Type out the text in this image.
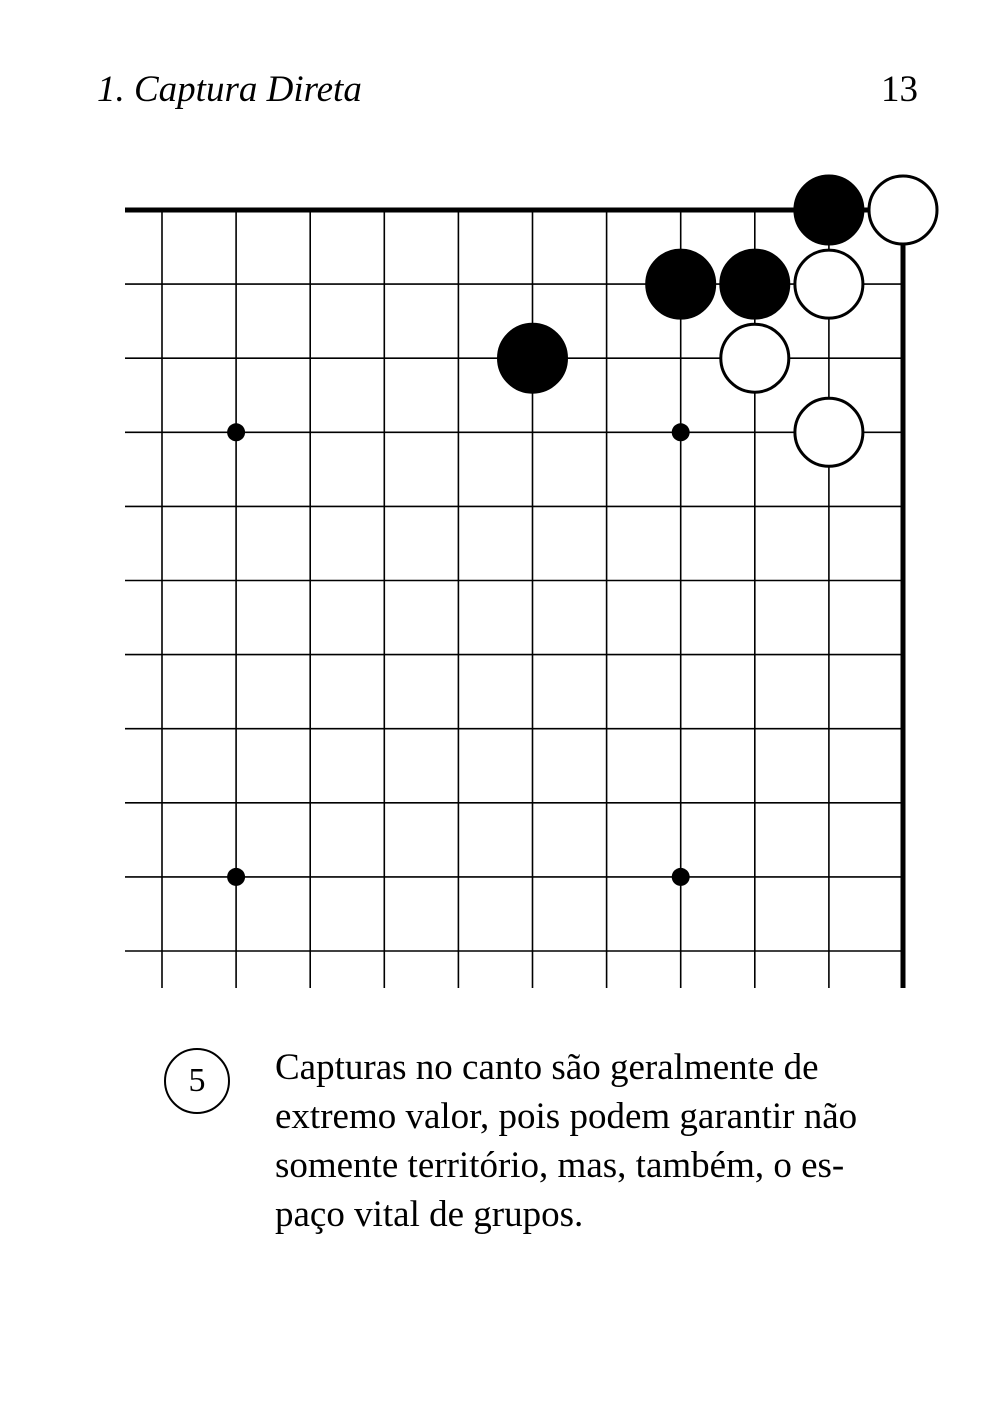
1. Captura Direta	13
5 Capturas no canto são geralmente de
extremo valor, pois podem garantir não
somente território, mas, também, o es-
paço vital de grupos.
